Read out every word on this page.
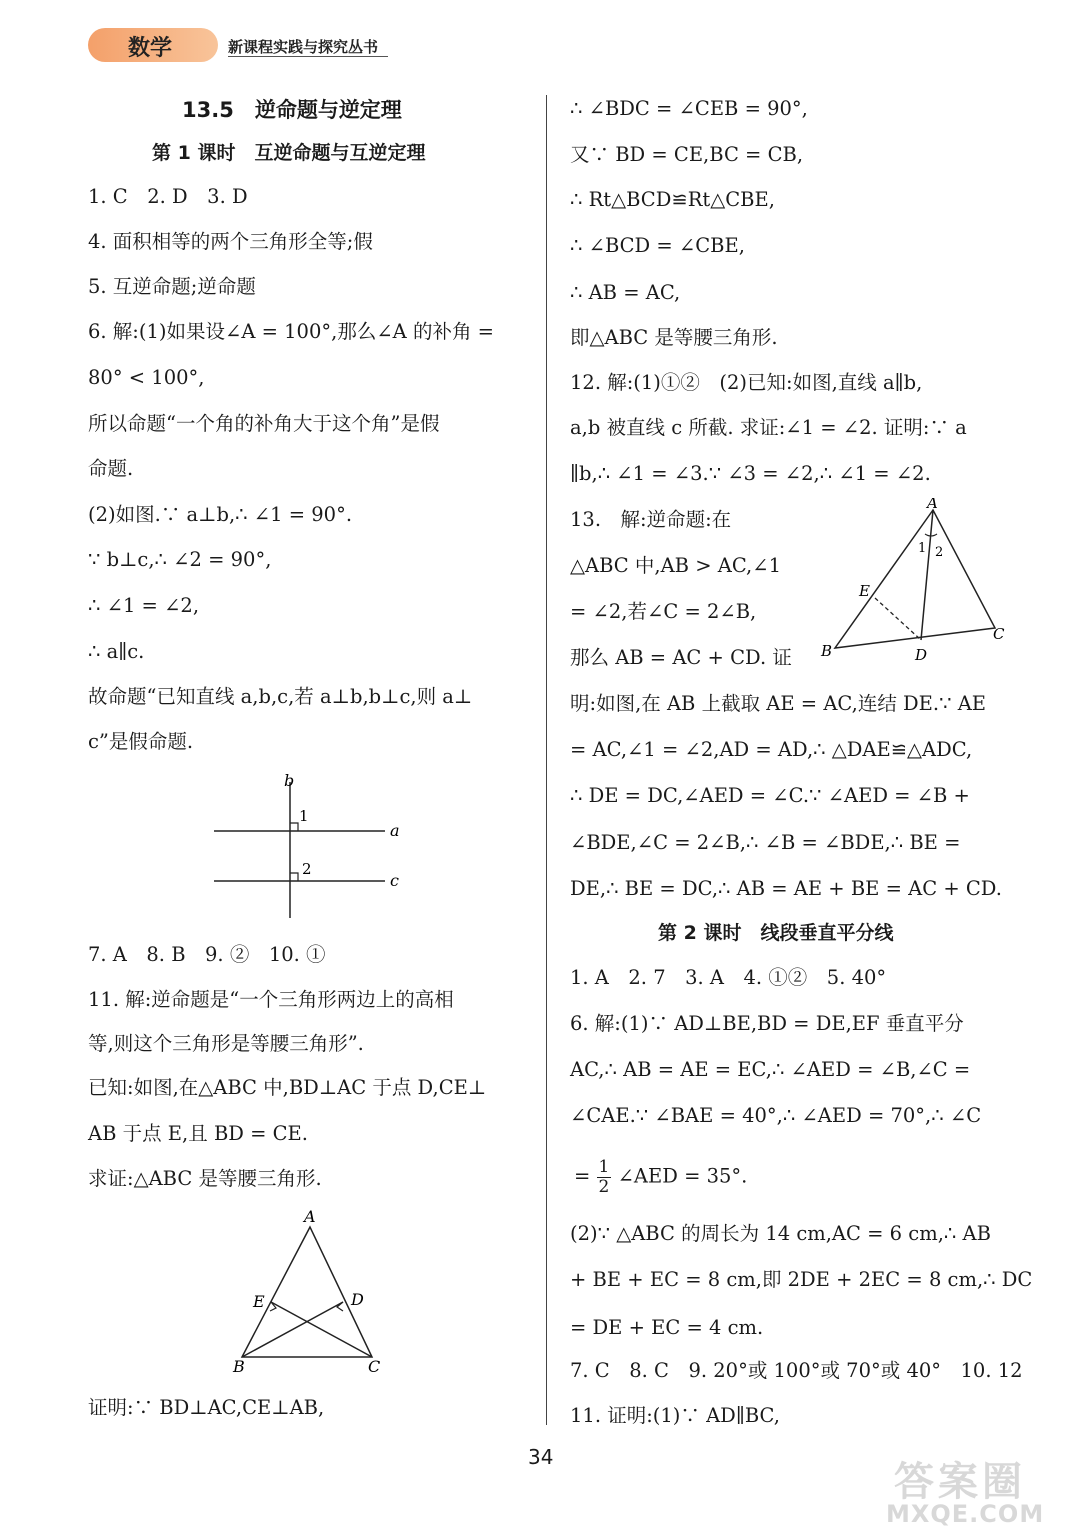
数学	新课程实践与探究丛书
13.5　逆命题与逆定理
第 1 课时　互逆命题与互逆定理
1. C　2. D　3. D
4. 面积相等的两个三角形全等;假
5. 互逆命题;逆命题
6. 解:(1)如果设∠A = 100°,那么∠A 的补角 =
80° < 100°,
所以命题“一个角的补角大于这个角”是假
命题.
(2)如图.∵ a⊥b,∴ ∠1 = 90°.
∵ b⊥c,∴ ∠2 = 90°,
∴ ∠1 = ∠2,
∴ a∥c.
故命题“已知直线 a,b,c,若 a⊥b,b⊥c,则 a⊥
c”是假命题.
b
a
c
1
2
7. A　8. B　9. ②　10. ①
11. 解:逆命题是“一个三角形两边上的高相
等,则这个三角形是等腰三角形”.
已知:如图,在△ABC 中,BD⊥AC 于点 D,CE⊥
AB 于点 E,且 BD = CE.
求证:△ABC 是等腰三角形.
A
B	C
D
E
证明:∵ BD⊥AC,CE⊥AB,
∴ ∠BDC = ∠CEB = 90°,
又∵ BD = CE,BC = CB,
∴ Rt△BCD≌Rt△CBE,
∴ ∠BCD = ∠CBE,
∴ AB = AC,
即△ABC 是等腰三角形.
12. 解:(1)①②　(2)已知:如图,直线 a∥b,
a,b 被直线 c 所截. 求证:∠1 = ∠2. 证明:∵ a
∥b,∴ ∠1 = ∠3.∵ ∠3 = ∠2,∴ ∠1 = ∠2.
13.　解:逆命题:在
△ABC 中,AB > AC,∠1
= ∠2,若∠C = 2∠B,
那么 AB = AC + CD. 证
A
B
C
D
E
1 2
明:如图,在 AB 上截取 AE = AC,连结 DE.∵ AE
= AC,∠1 = ∠2,AD = AD,∴ △DAE≌△ADC,
∴ DE = DC,∠AED = ∠C.∵ ∠AED = ∠B +
∠BDE,∠C = 2∠B,∴ ∠B = ∠BDE,∴ BE =
DE,∴ BE = DC,∴ AB = AE + BE = AC + CD.
第 2 课时　线段垂直平分线
1. A　2. 7　3. A　4. ①②　5. 40°
6. 解:(1)∵ AD⊥BE,BD = DE,EF 垂直平分
AC,∴ AB = AE = EC,∴ ∠AED = ∠B,∠C =
∠CAE.∵ ∠BAE = 40°,∴ ∠AED = 70°,∴ ∠C
= $\frac{1}{2}$ ∠AED = 35°.
(2)∵ △ABC 的周长为 14 cm,AC = 6 cm,∴ AB
+ BE + EC = 8 cm,即 2DE + 2EC = 8 cm,∴ DC
= DE + EC = 4 cm.
7. C　8. C　9. 20°或 100°或 70°或 40°　10. 12
11. 证明:(1)∵ AD∥BC,
34
答案圈
MXQE.COM
